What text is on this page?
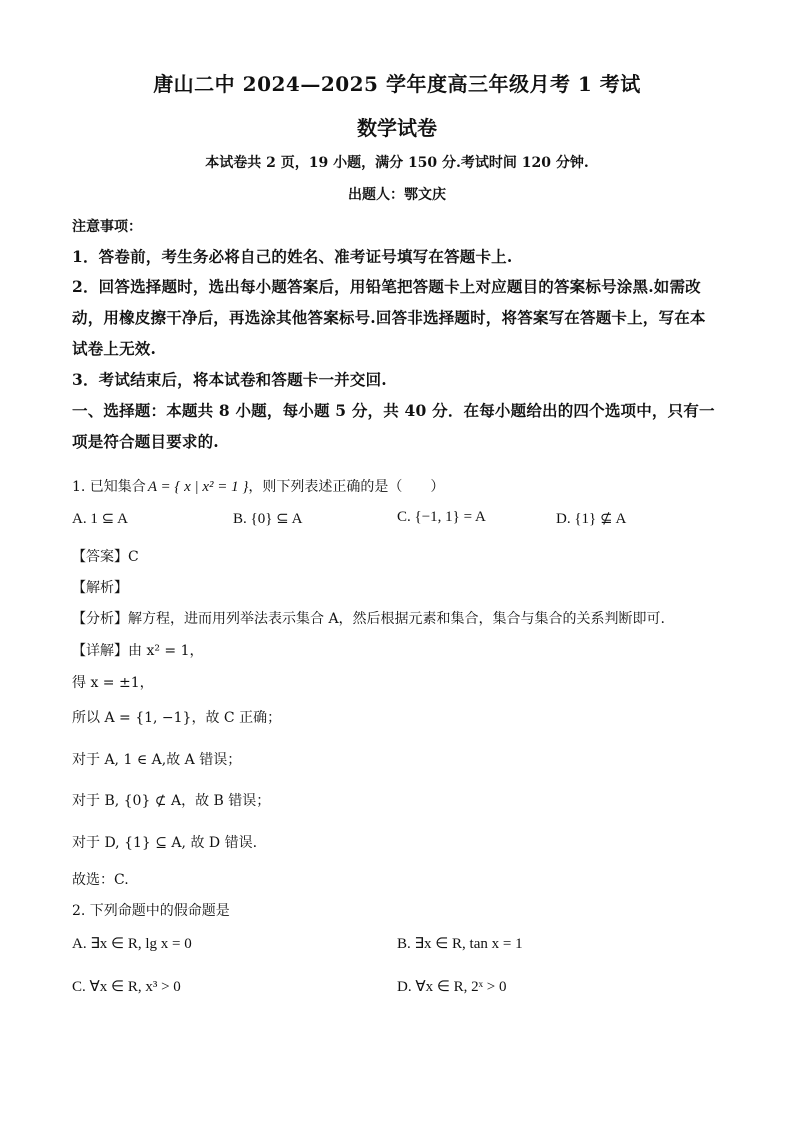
唐山二中 2024—2025 学年度高三年级月考 1 考试
数学试卷
本试卷共 2 页，19 小题，满分 150 分.考试时间 120 分钟.
出题人：鄂文庆
注意事项：
1．答卷前，考生务必将自己的姓名、准考证号填写在答题卡上.
2．回答选择题时，选出每小题答案后，用铅笔把答题卡上对应题目的答案标号涂黑.如需改
动，用橡皮擦干净后，再选涂其他答案标号.回答非选择题时，将答案写在答题卡上，写在本
试卷上无效.
3．考试结束后，将本试卷和答题卡一并交回.
一、选择题：本题共 8 小题，每小题 5 分，共 40 分．在每小题给出的四个选项中，只有一
项是符合题目要求的.
1. 已知集合 A = { x | x² = 1 }，则下列表述正确的是（　　）
A. 1 ⊆ A	B. {0} ⊆ A	C. {−1, 1} = A	D. {1} ⊈ A
【答案】C
【解析】
【分析】解方程，进而用列举法表示集合 A，然后根据元素和集合，集合与集合的关系判断即可.
【详解】由 x² = 1，
得 x = ±1，
所以 A = {1, −1}，故 C 正确；
对于 A, 1 ∈ A,故 A 错误；
对于 B, {0} ⊄ A，故 B 错误；
对于 D, {1} ⊆ A, 故 D 错误.
故选：C.
2. 下列命题中的假命题是
A. ∃x ∈ R, lg x = 0	B. ∃x ∈ R, tan x = 1
C. ∀x ∈ R, x³ > 0	D. ∀x ∈ R, 2ˣ > 0
